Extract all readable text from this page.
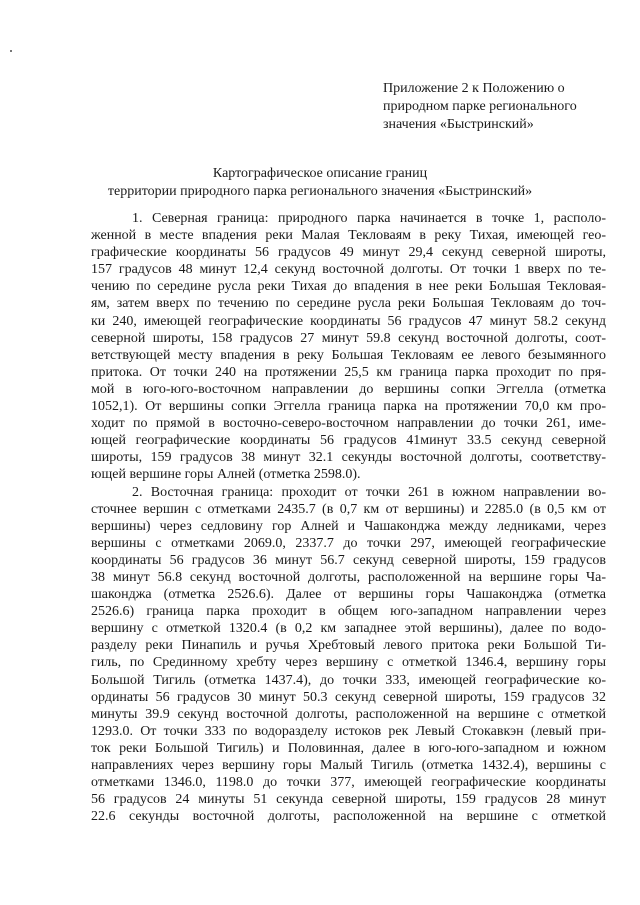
Приложение 2 к Положению о
природном парке регионального
значения «Быстринский»
Картографическое описание границ
территории природного парка регионального значения «Быстринский»
1. Северная граница: природного парка начинается в точке 1, располо-
женной в месте впадения реки Малая Текловаям в реку Тихая, имеющей гео-
графические координаты 56 градусов 49 минут 29,4 секунд северной широты,
157 градусов 48 минут 12,4 секунд восточной долготы. От точки 1 вверх по те-
чению по середине русла реки Тихая до впадения в нее реки Большая Текловая-
ям, затем вверх по течению по середине русла реки Большая Текловаям до точ-
ки 240, имеющей географические координаты 56 градусов 47 минут 58.2 секунд
северной широты, 158 градусов 27 минут 59.8 секунд восточной долготы, соот-
ветствующей месту впадения в реку Большая Текловаям ее левого безымянного
притока. От точки 240 на протяжении 25,5 км граница парка проходит по пря-
мой в юго-юго-восточном направлении до вершины сопки Эггелла (отметка
1052,1). От вершины сопки Эггелла граница парка на протяжении 70,0 км про-
ходит по прямой в восточно-северо-восточном направлении до точки 261, име-
ющей географические координаты 56 градусов 41минут 33.5 секунд северной
широты, 159 градусов 38 минут 32.1 секунды восточной долготы, соответству-
ющей вершине горы Алней (отметка 2598.0).
2. Восточная граница: проходит от точки 261 в южном направлении во-
сточнее вершин с отметками 2435.7 (в 0,7 км от вершины) и 2285.0 (в 0,5 км от
вершины) через седловину гор Алней и Чашаконджа между ледниками, через
вершины с отметками 2069.0, 2337.7 до точки 297, имеющей географические
координаты 56 градусов 36 минут 56.7 секунд северной широты, 159 градусов
38 минут 56.8 секунд восточной долготы, расположенной на вершине горы Ча-
шаконджа (отметка 2526.6). Далее от вершины горы Чашаконджа (отметка
2526.6) граница парка проходит в общем юго-западном направлении через
вершину с отметкой 1320.4 (в 0,2 км западнее этой вершины), далее по водо-
разделу реки Пинапиль и ручья Хребтовый левого притока реки Большой Ти-
гиль, по Срединному хребту через вершину с отметкой 1346.4, вершину горы
Большой Тигиль (отметка 1437.4), до точки 333, имеющей географические ко-
ординаты 56 градусов 30 минут 50.3 секунд северной широты, 159 градусов 32
минуты 39.9 секунд восточной долготы, расположенной на вершине с отметкой
1293.0. От точки 333 по водоразделу истоков рек Левый Стокавкэн (левый при-
ток реки Большой Тигиль) и Половинная, далее в юго-юго-западном и южном
направлениях через вершину горы Малый Тигиль (отметка 1432.4), вершины с
отметками 1346.0, 1198.0 до точки 377, имеющей географические координаты
56 градусов 24 минуты 51 секунда северной широты, 159 градусов 28 минут
22.6 секунды восточной долготы, расположенной на вершине с отметкой
